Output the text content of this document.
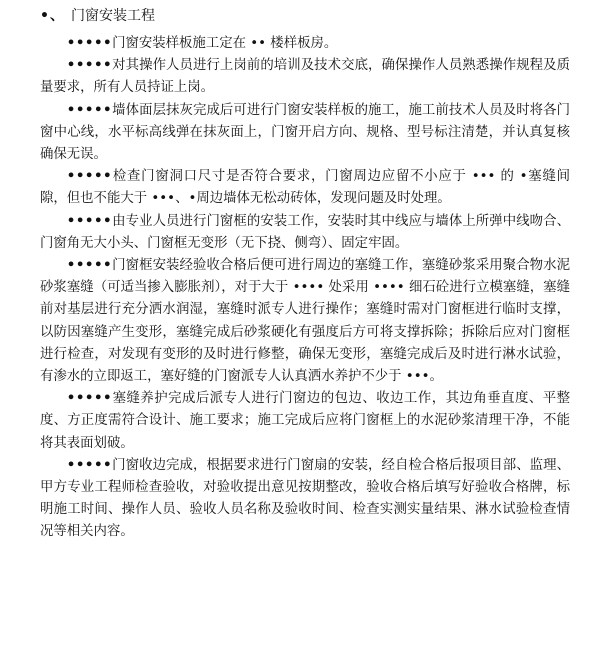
•、 门窗安装工程

•••••门窗安装样板施工定在 •• 楼样板房。

•••••对其操作人员进行上岗前的培训及技术交底，确保操作人员熟悉操作规程及质量要求，所有人员持证上岗。

•••••墙体面层抹灰完成后可进行门窗安装样板的施工，施工前技术人员及时将各门窗中心线，水平标高线弹在抹灰面上，门窗开启方向、规格、型号标注清楚，并认真复核确保无误。

•••••检查门窗洞口尺寸是否符合要求，门窗周边应留不小应于 ••• 的 •塞缝间隙，但也不能大于 •••、•周边墙体无松动砖体，发现问题及时处理。

•••••由专业人员进行门窗框的安装工作，安装时其中线应与墙体上所弹中线吻合、门窗角无大小头、门窗框无变形（无下挠、侧弯）、固定牢固。

•••••门窗框安装经验收合格后便可进行周边的塞缝工作，塞缝砂浆采用聚合物水泥砂浆塞缝（可适当掺入膨胀剂），对于大于 •••• 处采用 •••• 细石砼进行立模塞缝，塞缝前对基层进行充分洒水润湿，塞缝时派专人进行操作；塞缝时需对门窗框进行临时支撑，以防因塞缝产生变形，塞缝完成后砂浆硬化有强度后方可将支撑拆除；拆除后应对门窗框进行检查，对发现有变形的及时进行修整，确保无变形，塞缝完成后及时进行淋水试验，有渗水的立即返工，塞好缝的门窗派专人认真洒水养护不少于 •••。

•••••塞缝养护完成后派专人进行门窗边的包边、收边工作，其边角垂直度、平整度、方正度需符合设计、施工要求；施工完成后应将门窗框上的水泥砂浆清理干净，不能将其表面划破。

•••••门窗收边完成，根据要求进行门窗扇的安装，经自检合格后报项目部、监理、甲方专业工程师检查验收，对验收提出意见按期整改，验收合格后填写好验收合格牌，标明施工时间、操作人员、验收人员名称及验收时间、检查实测实量结果、淋水试验检查情况等相关内容。
